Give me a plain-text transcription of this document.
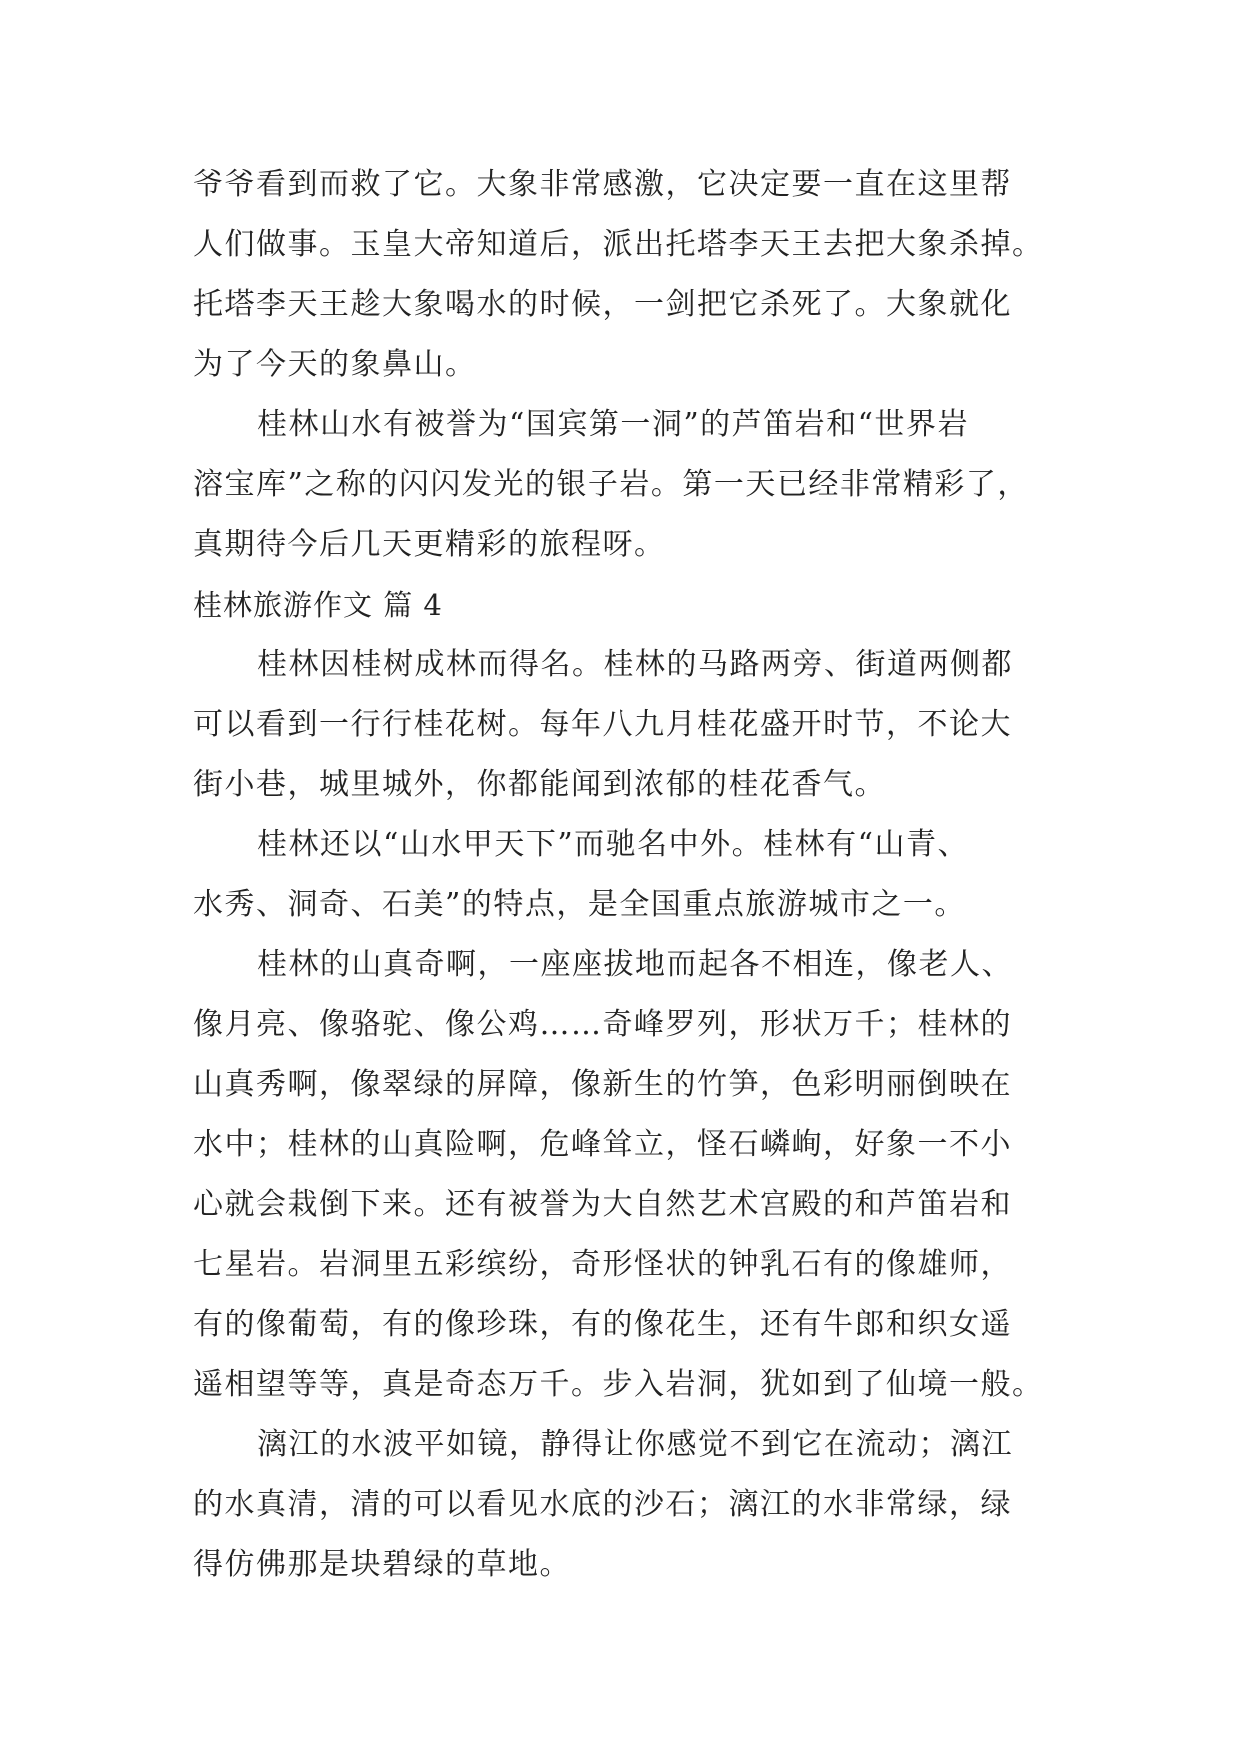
爷爷看到而救了它。大象非常感激，它决定要一直在这里帮
人们做事。玉皇大帝知道后，派出托塔李天王去把大象杀掉。
托塔李天王趁大象喝水的时候，一剑把它杀死了。大象就化
为了今天的象鼻山。
桂林山水有被誉为“国宾第一洞”的芦笛岩和“世界岩
溶宝库”之称的闪闪发光的银子岩。第一天已经非常精彩了，
真期待今后几天更精彩的旅程呀。
桂林旅游作文 篇 4
桂林因桂树成林而得名。桂林的马路两旁、街道两侧都
可以看到一行行桂花树。每年八九月桂花盛开时节，不论大
街小巷，城里城外，你都能闻到浓郁的桂花香气。
桂林还以“山水甲天下”而驰名中外。桂林有“山青、
水秀、洞奇、石美”的特点，是全国重点旅游城市之一。
桂林的山真奇啊，一座座拔地而起各不相连，像老人、
像月亮、像骆驼、像公鸡……奇峰罗列，形状万千；桂林的
山真秀啊，像翠绿的屏障，像新生的竹笋，色彩明丽倒映在
水中；桂林的山真险啊，危峰耸立，怪石嶙峋，好象一不小
心就会栽倒下来。还有被誉为大自然艺术宫殿的和芦笛岩和
七星岩。岩洞里五彩缤纷，奇形怪状的钟乳石有的像雄师，
有的像葡萄，有的像珍珠，有的像花生，还有牛郎和织女遥
遥相望等等，真是奇态万千。步入岩洞，犹如到了仙境一般。
漓江的水波平如镜，静得让你感觉不到它在流动；漓江
的水真清，清的可以看见水底的沙石；漓江的水非常绿，绿
得仿佛那是块碧绿的草地。
